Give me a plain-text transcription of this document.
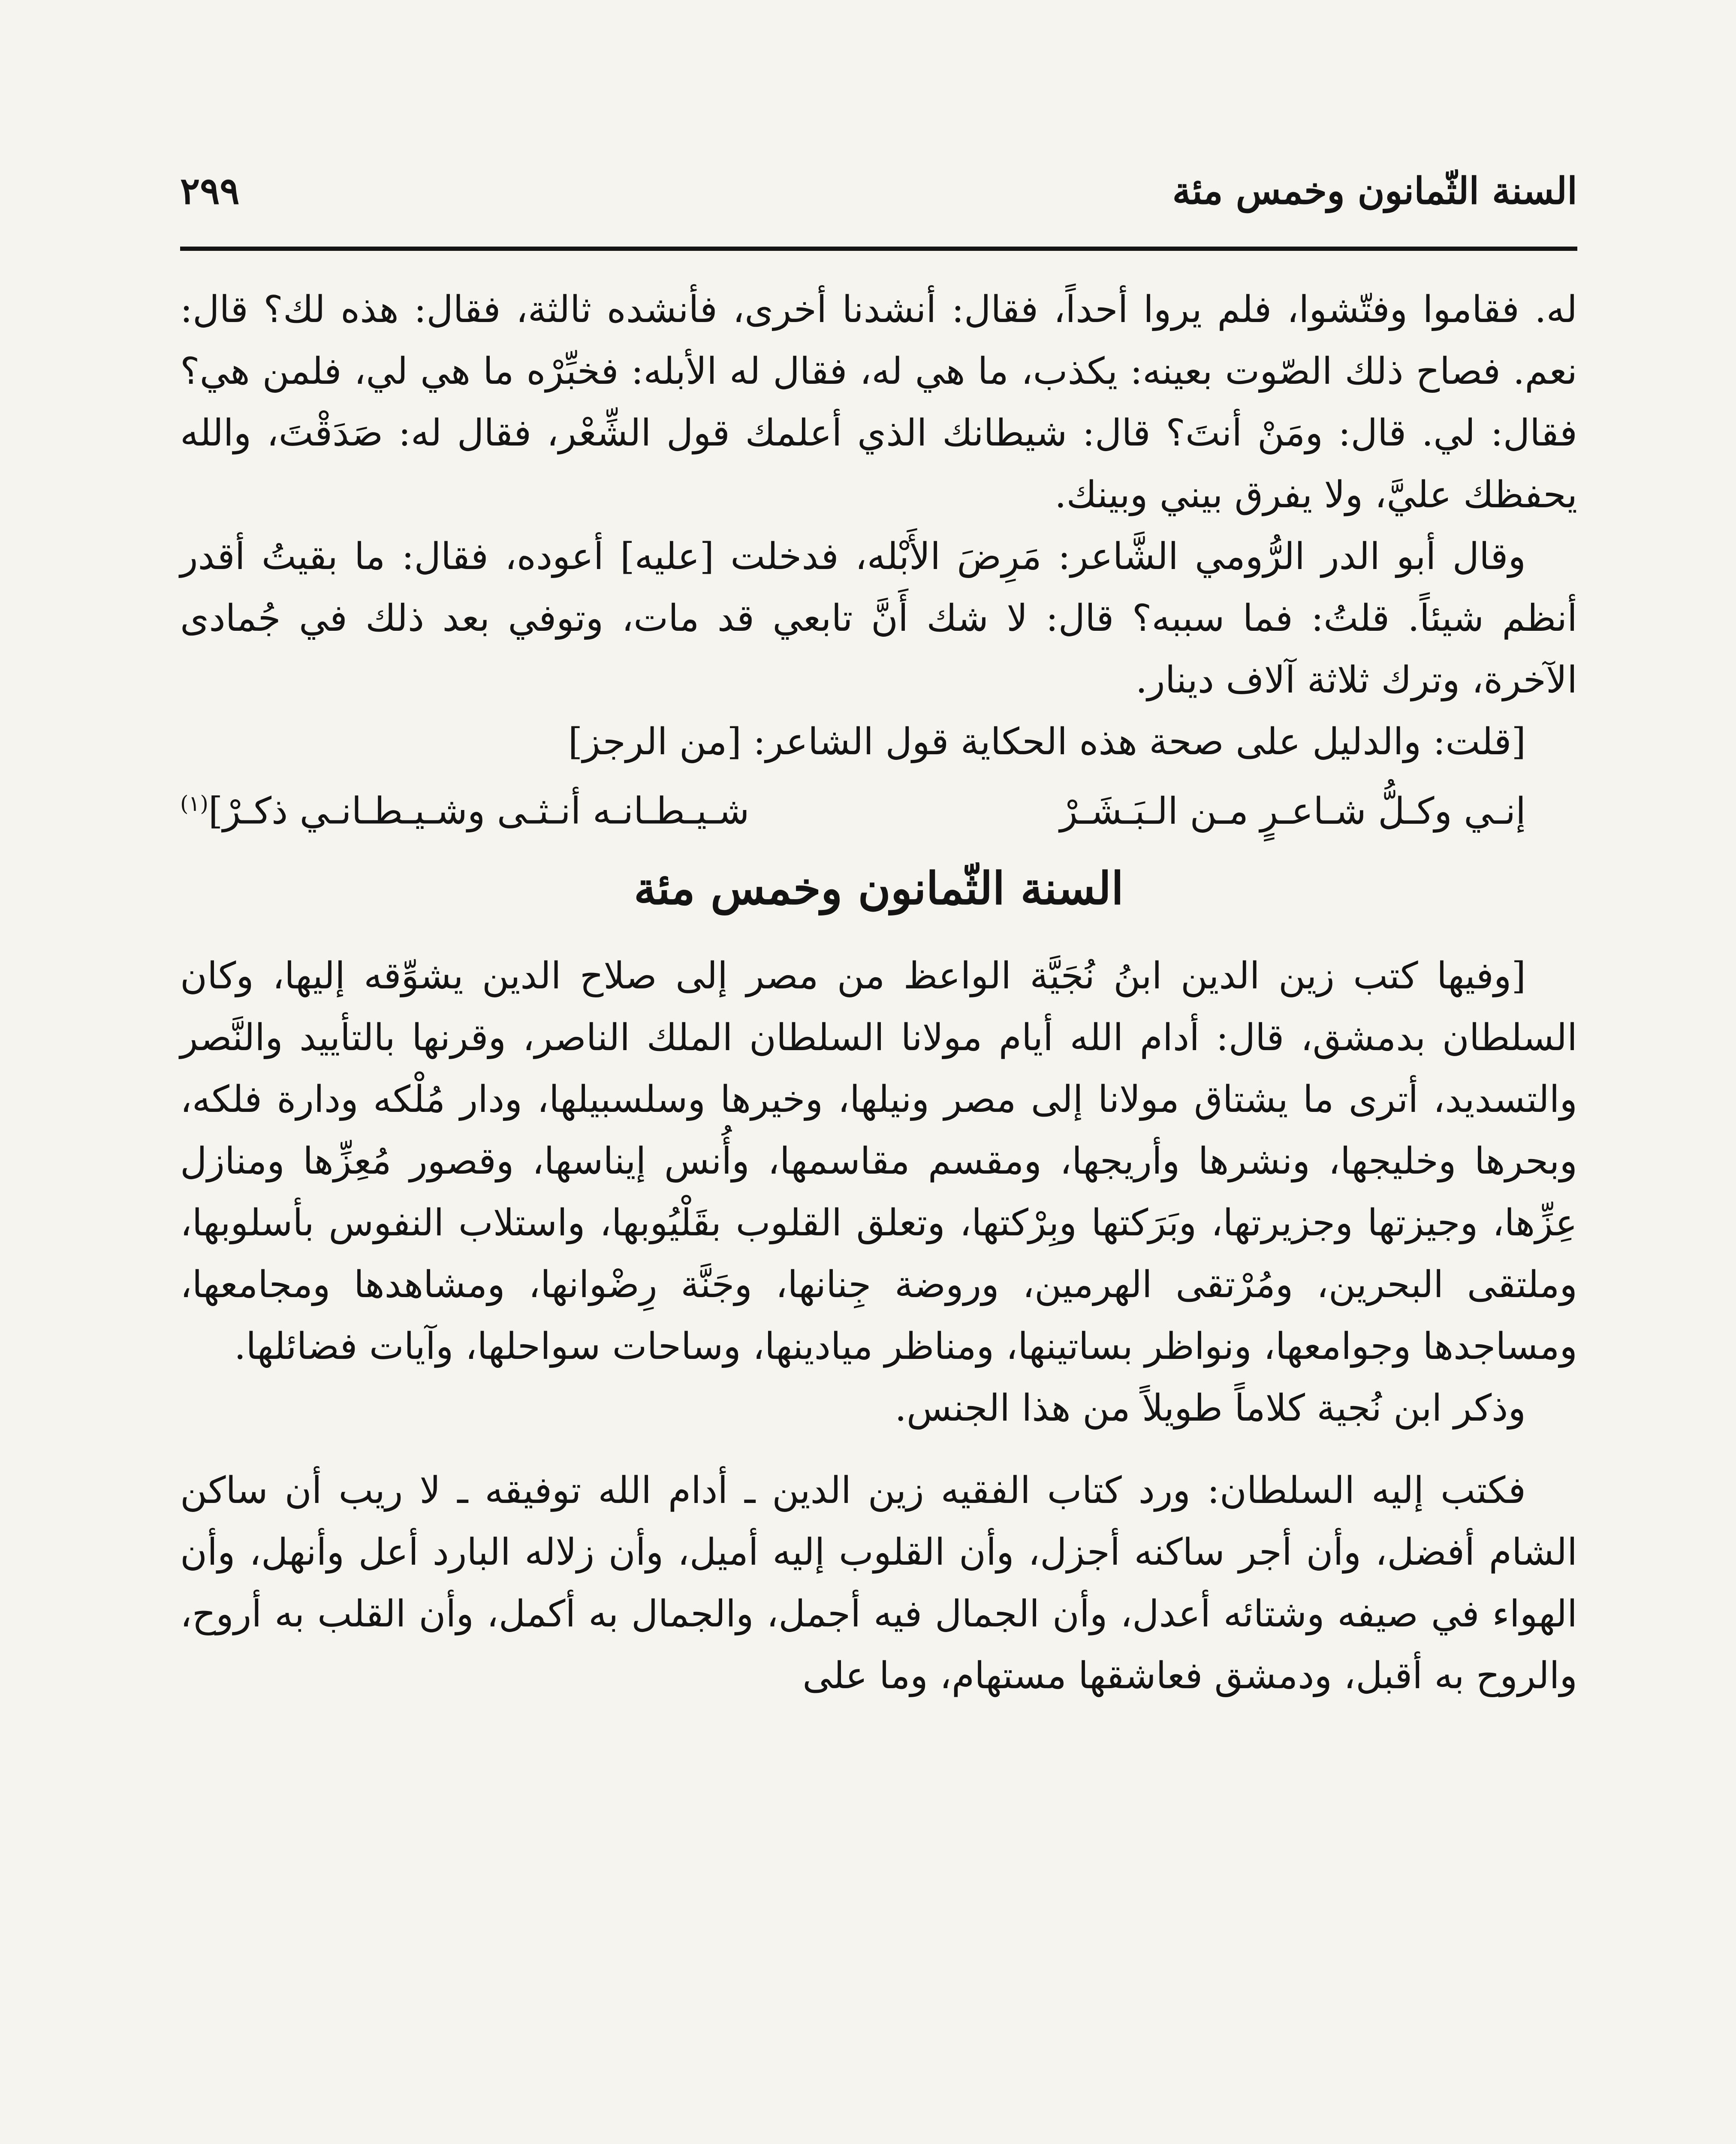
السنة الثّمانون وخمس مئة
٢٩٩

له. فقاموا وفتّشوا، فلم يروا أحداً، فقال: أنشدنا أخرى، فأنشده ثالثة، فقال: هذه لك؟ قال: نعم. فصاح ذلك الصّوت بعينه: يكذب، ما هي له، فقال له الأبله: فخبِّرْه ما هي لي، فلمن هي؟ فقال: لي. قال: ومَنْ أنتَ؟ قال: شيطانك الذي أعلمك قول الشِّعْر، فقال له: صَدَقْتَ، والله يحفظك عليَّ، ولا يفرق بيني وبينك.

وقال أبو الدر الرُّومي الشَّاعر: مَرِضَ الأَبْله، فدخلت [عليه] أعوده، فقال: ما بقيتُ أقدر أنظم شيئاً. قلتُ: فما سببه؟ قال: لا شك أَنَّ تابعي قد مات، وتوفي بعد ذلك في جُمادى الآخرة، وترك ثلاثة آلاف دينار.

[قلت: والدليل على صحة هذه الحكاية قول الشاعر: [من الرجز]

إنـي وكـلُّ شـاعـرٍ مـن الـبَـشَـرْ
شـيـطـانـه أنـثـى وشـيـطـانـي ذكـرْ]$^{(١)}$
السنة الثّمانون وخمس مئة

[وفيها كتب زين الدين ابنُ نُجَيَّة الواعظ من مصر إلى صلاح الدين يشوِّقه إليها، وكان السلطان بدمشق، قال: أدام الله أيام مولانا السلطان الملك الناصر، وقرنها بالتأييد والنَّصر والتسديد، أترى ما يشتاق مولانا إلى مصر ونيلها، وخيرها وسلسبيلها، ودار مُلْكه ودارة فلكه، وبحرها وخليجها، ونشرها وأريجها، ومقسم مقاسمها، وأُنس إيناسها، وقصور مُعِزِّها ومنازل عِزِّها، وجيزتها وجزيرتها، وبَرَكتها وبِرْكتها، وتعلق القلوب بقَلْيُوبها، واستلاب النفوس بأسلوبها، وملتقى البحرين، ومُرْتقى الهرمين، وروضة جِنانها، وجَنَّة رِضْوانها، ومشاهدها ومجامعها، ومساجدها وجوامعها، ونواظر بساتينها، ومناظر ميادينها، وساحات سواحلها، وآيات فضائلها.

وذكر ابن نُجية كلاماً طويلاً من هذا الجنس.

فكتب إليه السلطان: ورد كتاب الفقيه زين الدين ـ أدام الله توفيقه ـ لا ريب أن ساكن الشام أفضل، وأن أجر ساكنه أجزل، وأن القلوب إليه أميل، وأن زلاله البارد أعل وأنهل، وأن الهواء في صيفه وشتائه أعدل، وأن الجمال فيه أجمل، والجمال به أكمل، وأن القلب به أروح، والروح به أقبل، ودمشق فعاشقها مستهام، وما على
